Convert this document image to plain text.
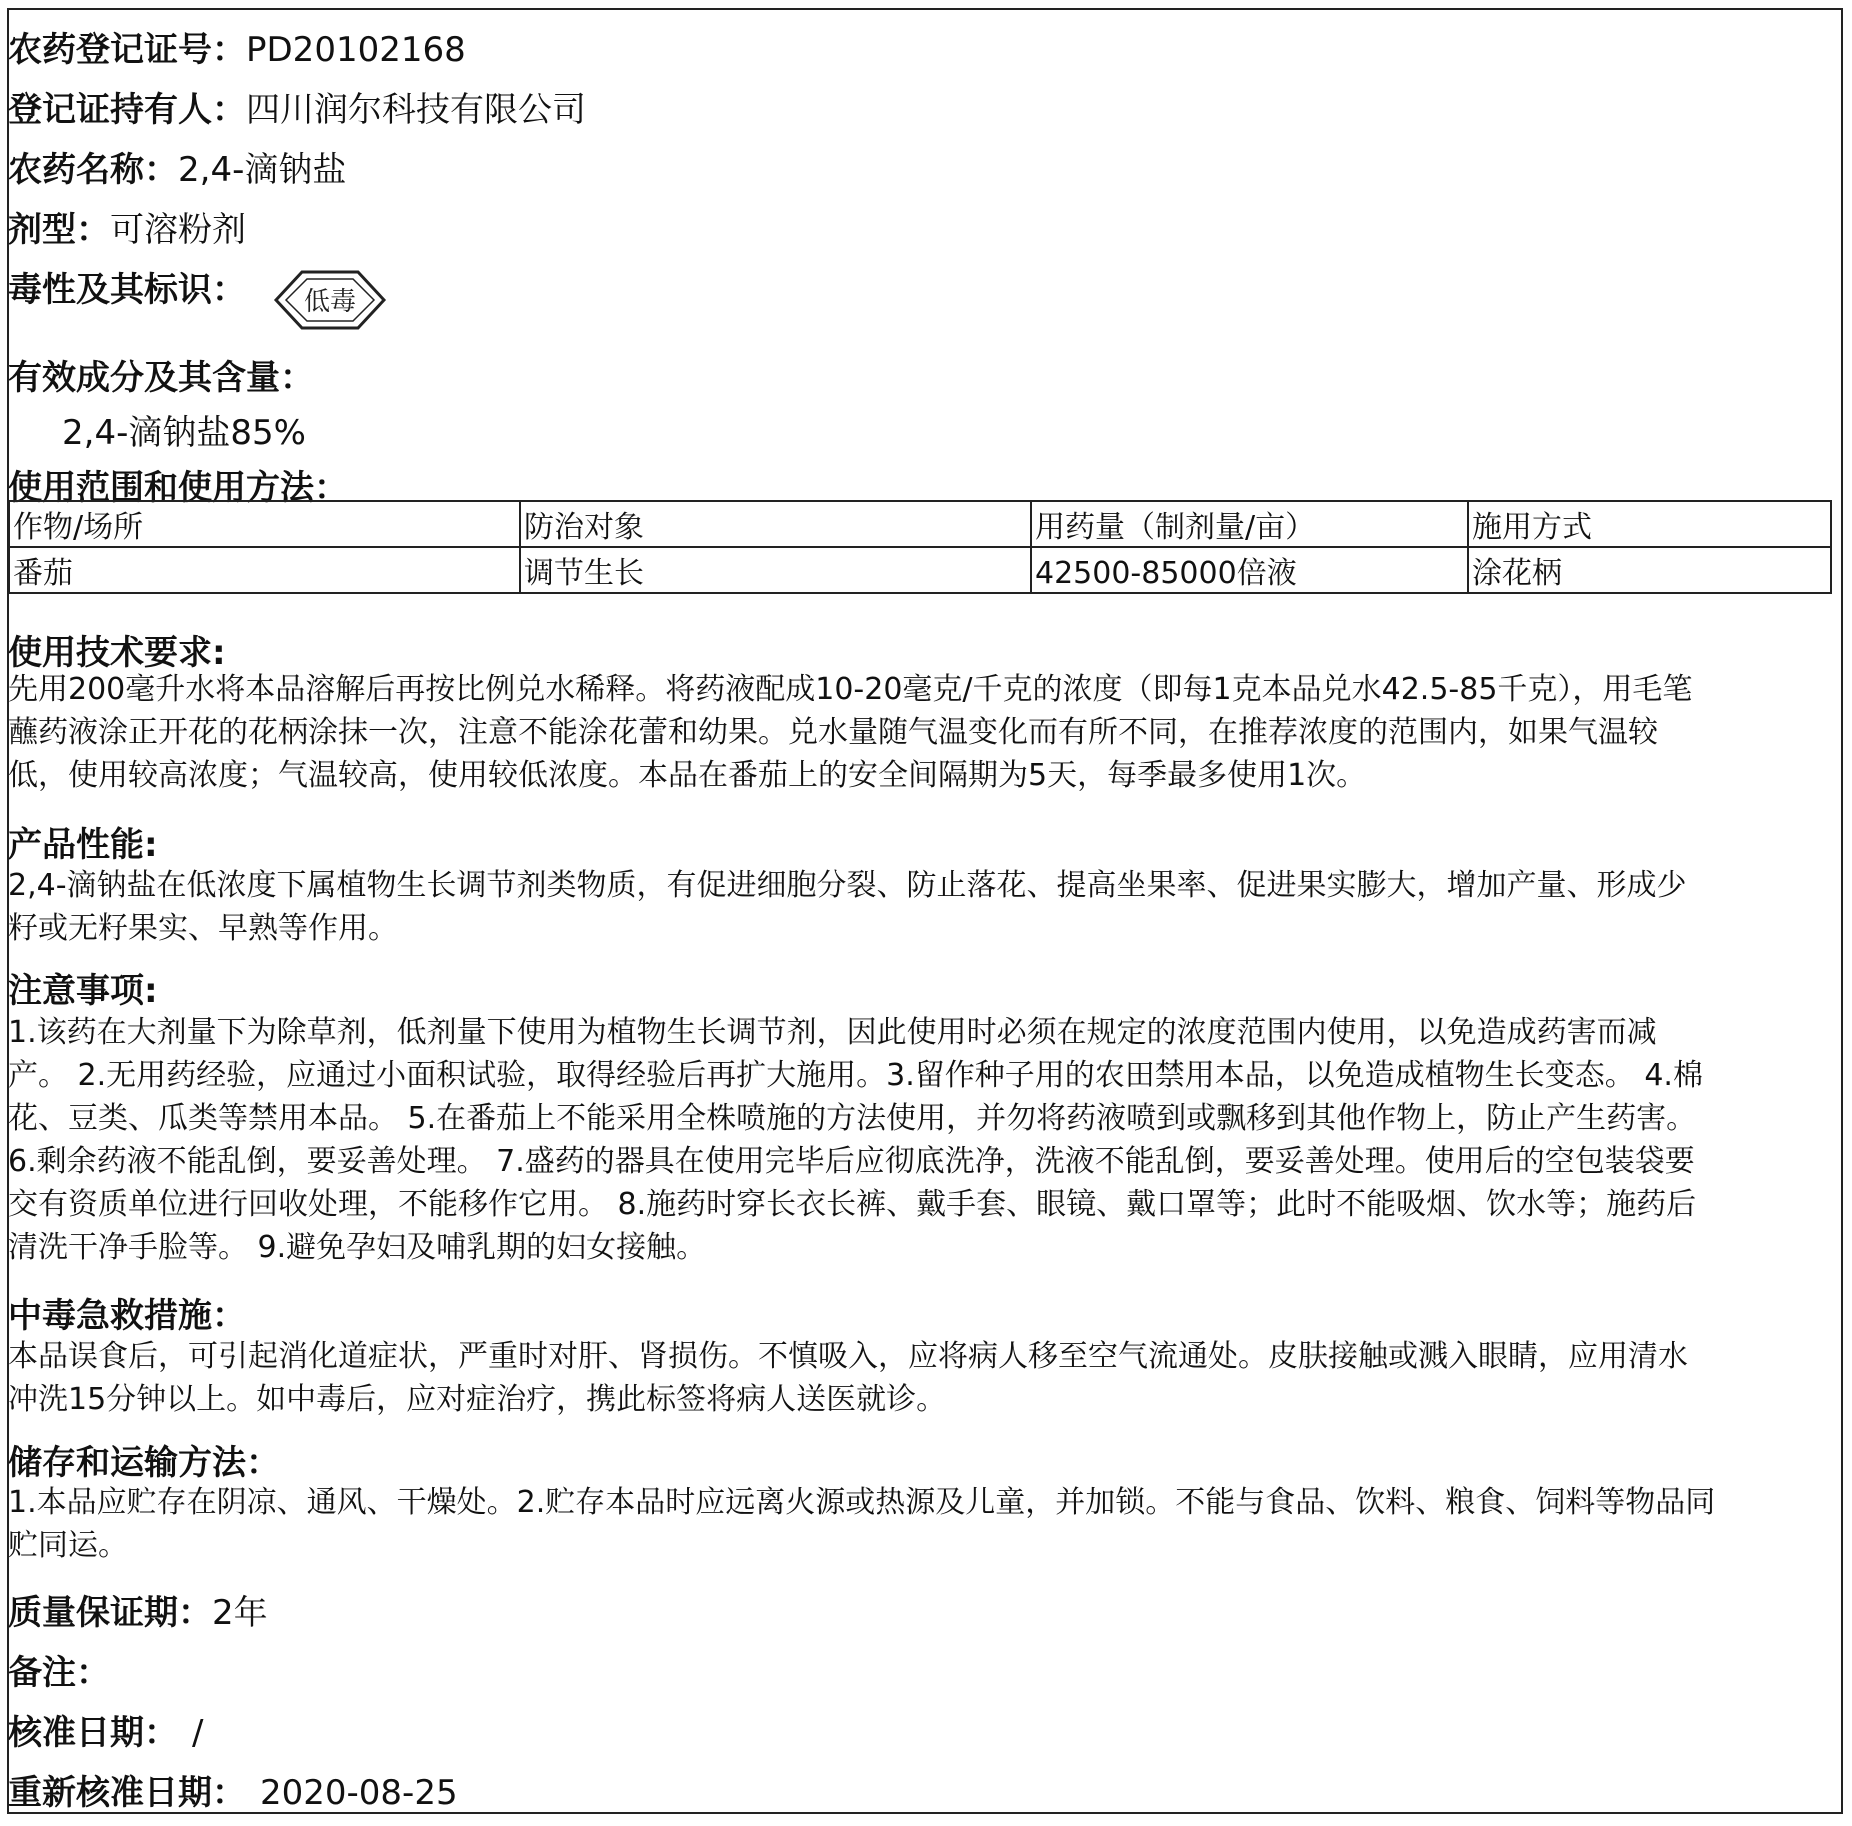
农药登记证号：PD20102168
登记证持有人：四川润尔科技有限公司
农药名称：2,4-滴钠盐
剂型：可溶粉剂
毒性及其标识： 低毒
有效成分及其含量：
2,4-滴钠盐85%
使用范围和使用方法：
作物/场所	防治对象	用药量（制剂量/亩）	施用方式
番茄	调节生长	42500-85000倍液	涂花柄
使用技术要求:
先用200毫升水将本品溶解后再按比例兑水稀释。将药液配成10-20毫克/千克的浓度（即每1克本品兑水42.5-85千克），用毛笔
蘸药液涂正开花的花柄涂抹一次，注意不能涂花蕾和幼果。兑水量随气温变化而有所不同，在推荐浓度的范围内，如果气温较
低，使用较高浓度；气温较高，使用较低浓度。本品在番茄上的安全间隔期为5天，每季最多使用1次。
产品性能:
2,4-滴钠盐在低浓度下属植物生长调节剂类物质，有促进细胞分裂、防止落花、提高坐果率、促进果实膨大，增加产量、形成少
籽或无籽果实、早熟等作用。
注意事项:
1.该药在大剂量下为除草剂，低剂量下使用为植物生长调节剂，因此使用时必须在规定的浓度范围内使用，以免造成药害而减
产。 2.无用药经验，应通过小面积试验，取得经验后再扩大施用。3.留作种子用的农田禁用本品，以免造成植物生长变态。 4.棉
花、豆类、瓜类等禁用本品。 5.在番茄上不能采用全株喷施的方法使用，并勿将药液喷到或飘移到其他作物上，防止产生药害。
6.剩余药液不能乱倒，要妥善处理。 7.盛药的器具在使用完毕后应彻底洗净，洗液不能乱倒，要妥善处理。使用后的空包装袋要
交有资质单位进行回收处理，不能移作它用。 8.施药时穿长衣长裤、戴手套、眼镜、戴口罩等；此时不能吸烟、饮水等；施药后
清洗干净手脸等。 9.避免孕妇及哺乳期的妇女接触。
中毒急救措施：
本品误食后，可引起消化道症状，严重时对肝、肾损伤。不慎吸入，应将病人移至空气流通处。皮肤接触或溅入眼睛，应用清水
冲洗15分钟以上。如中毒后，应对症治疗，携此标签将病人送医就诊。
储存和运输方法：
1.本品应贮存在阴凉、通风、干燥处。2.贮存本品时应远离火源或热源及儿童，并加锁。不能与食品、饮料、粮食、饲料等物品同
贮同运。
质量保证期：2年
备注：
核准日期： /
重新核准日期： 2020-08-25
